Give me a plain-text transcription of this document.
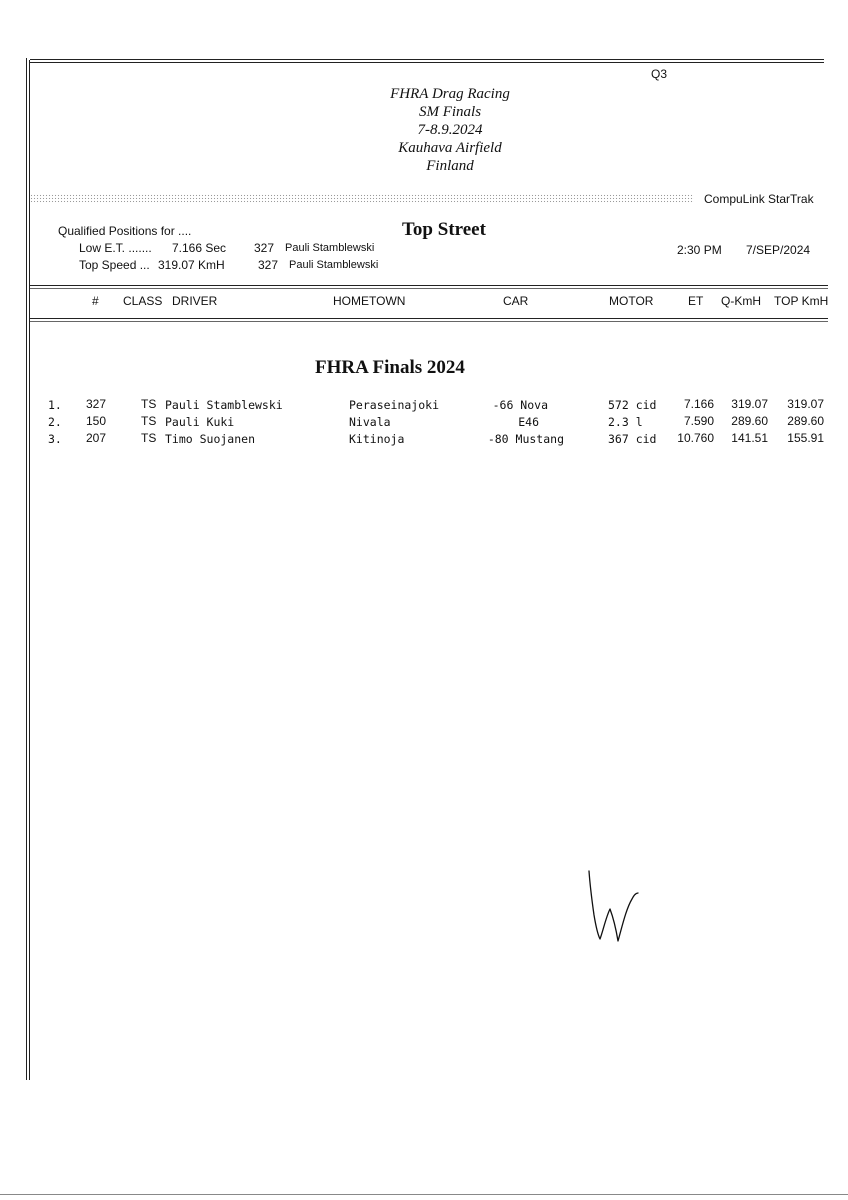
Q3
FHRA Drag Racing
SM Finals
7-8.9.2024
Kauhava Airfield
Finland
CompuLink StarTrak
Qualified Positions for ....	Top Street
Low E.T. ....... 7.166 Sec 327 Pauli Stamblewski
Top Speed ... 319.07 KmH	327 Pauli Stamblewski
2:30 PM 7/SEP/2024
# CLASS DRIVER	HOMETOWN	CAR	MOTOR	ET Q-KmH TOP KmH
FHRA Finals 2024
1. 327	TS Pauli Stamblewski	Peraseinajoki	-66 Nova	572 cid 7.166 319.07 319.07
2. 150	TS Pauli Kuki	Nivala	E46	2.3 l	7.590 289.60 289.60
3. 207	TS Timo Suojanen	Kitinoja	-80 Mustang	367 cid 10.760 141.51 155.91
